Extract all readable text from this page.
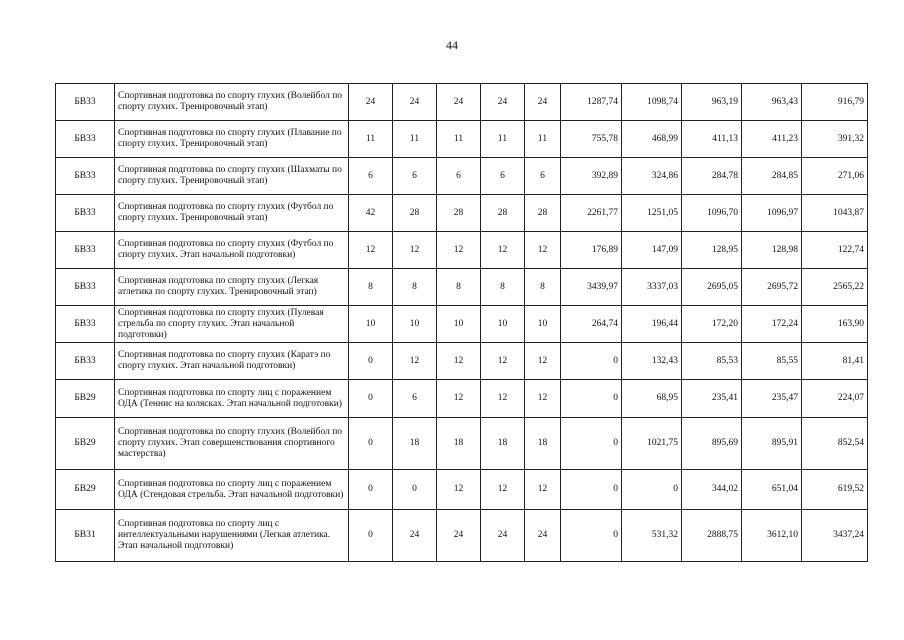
44
БВ33	Спортивная подготовка по спорту глухих (Волейбол по спорту глухих. Тренировочный этап)	24	24	24	24	24	1287,74	1098,74	963,19	963,43	916,79
БВ33	Спортивная подготовка по спорту глухих (Плавание по спорту глухих. Тренировочный этап)	11	11	11	11	11	755,78	468,99	411,13	411,23	391,32
БВ33	Спортивная подготовка по спорту глухих (Шахматы по спорту глухих. Тренировочный этап)	6	6	6	6	6	392,89	324,86	284,78	284,85	271,06
БВ33	Спортивная подготовка по спорту глухих (Футбол по спорту глухих. Тренировочный этап)	42	28	28	28	28	2261,77	1251,05	1096,70	1096,97	1043,87
БВ33	Спортивная подготовка по спорту глухих (Футбол по спорту глухих. Этап начальной подготовки)	12	12	12	12	12	176,89	147,09	128,95	128,98	122,74
БВ33	Спортивная подготовка по спорту глухих (Легкая атлетика по спорту глухих. Тренировочный этап)	8	8	8	8	8	3439,97	3337,03	2695,05	2695,72	2565,22
БВ33	Спортивная подготовка по спорту глухих (Пулевая стрельба по спорту глухих. Этап начальной подготовки)	10	10	10	10	10	264,74	196,44	172,20	172,24	163,90
БВ33	Спортивная подготовка по спорту глухих (Каратэ по спорту глухих. Этап начальной подготовки)	0	12	12	12	12	0	132,43	85,53	85,55	81,41
БВ29	Спортивная подготовка по спорту лиц с поражением ОДА (Теннис на колясках. Этап начальной подготовки)	0	6	12	12	12	0	68,95	235,41	235,47	224,07
БВ29	Спортивная подготовка по спорту глухих (Волейбол по спорту глухих. Этап совершенствования спортивного мастерства)	0	18	18	18	18	0	1021,75	895,69	895,91	852,54
БВ29	Спортивная подготовка по спорту лиц с поражением ОДА (Стендовая стрельба. Этап начальной подготовки)	0	0	12	12	12	0	0	344,02	651,04	619,52
БВ31	Спортивная подготовка по спорту лиц с интеллектуальными нарушениями (Легкая атлетика. Этап начальной подготовки)	0	24	24	24	24	0	531,32	2888,75	3612,10	3437,24
